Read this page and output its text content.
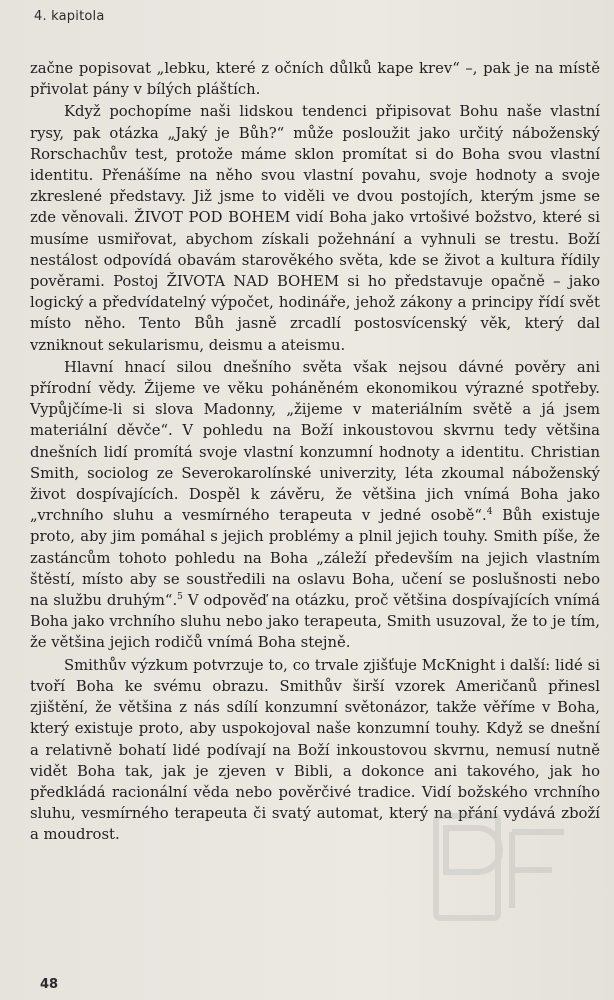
4. kapitola

začne popisovat „lebku, které z očních důlků kape krev“ –, pak je na místě přivolat pány v bílých pláštích.

Když pochopíme naši lidskou tendenci připisovat Bohu naše vlastní rysy, pak otázka „Jaký je Bůh?“ může posloužit jako určitý náboženský Rorschachův test, protože máme sklon promítat si do Boha svou vlastní identitu. Přenášíme na něho svou vlastní povahu, svoje hodnoty a svoje zkreslené představy. Již jsme to viděli ve dvou postojích, kterým jsme se zde věnovali. ŽIVOT POD BOHEM vidí Boha jako vrtošivé božstvo, které si musíme usmiřovat, abychom získali požehnání a vyhnuli se trestu. Boží nestálost odpovídá obavám starověkého světa, kde se život a kultura řídily pověrami. Postoj ŽIVOTA NAD BOHEM si ho představuje opačně – jako logický a předvídatelný výpočet, hodináře, jehož zákony a principy řídí svět místo něho. Tento Bůh jasně zrcadlí postosvícenský věk, který dal vzniknout sekularismu, deismu a ateismu.

Hlavní hnací silou dnešního světa však nejsou dávné pověry ani přírodní vědy. Žijeme ve věku poháněném ekonomikou výrazné spotřeby. Vypůjčíme-li si slova Madonny, „žijeme v materiálním světě a já jsem materiální děvče“. V pohledu na Boží inkoustovou skvrnu tedy většina dnešních lidí promítá svoje vlastní konzumní hodnoty a identitu. Christian Smith, sociolog ze Severokarolínské univerzity, léta zkoumal náboženský život dospívajících. Dospěl k závěru, že většina jich vnímá Boha jako „vrchního sluhu a vesmírného terapeuta v jedné osobě“.$^4$ Bůh existuje proto, aby jim pomáhal s jejich problémy a plnil jejich touhy. Smith píše, že zastáncům tohoto pohledu na Boha „záleží především na jejich vlastním štěstí, místo aby se soustředili na oslavu Boha, učení se poslušnosti nebo na službu druhým“.$^5$ V odpověď na otázku, proč většina dospívajících vnímá Boha jako vrchního sluhu nebo jako terapeuta, Smith usuzoval, že to je tím, že většina jejich rodičů vnímá Boha stejně.

Smithův výzkum potvrzuje to, co trvale zjišťuje McKnight i další: lidé si tvoří Boha ke svému obrazu. Smithův širší vzorek Američanů přinesl zjištění, že většina z nás sdílí konzumní světonázor, takže věříme v Boha, který existuje proto, aby uspokojoval naše konzumní touhy. Když se dnešní a relativně bohatí lidé podívají na Boží inkoustovou skvrnu, nemusí nutně vidět Boha tak, jak je zjeven v Bibli, a dokonce ani takového, jak ho předkládá racionální věda nebo pověrčivé tradice. Vidí božského vrchního sluhu, vesmírného terapeuta či svatý automat, který na přání vydává zboží a moudrost.

48
